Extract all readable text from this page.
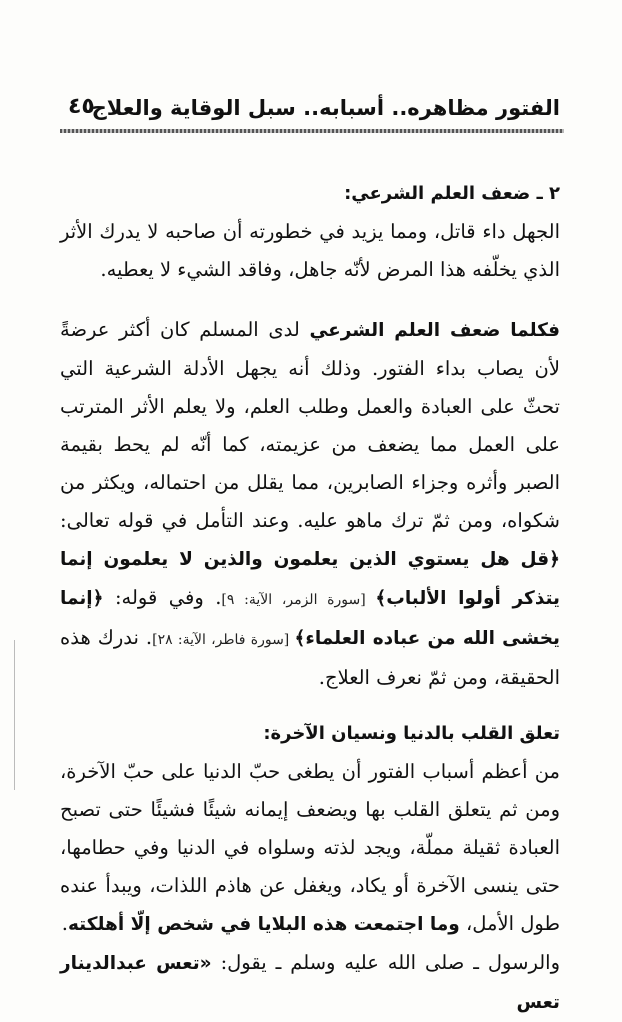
الفتور مظاهره.. أسبابه.. سبل الوقاية والعلاج
٤٥
٢ ـ ضعف العلم الشرعي:

الجهل داء قاتل، ومما يزيد في خطورته أن صاحبه لا يدرك الأثر الذي يخلّفه هذا المرض لأنّه جاهل، وفاقد الشيء لا يعطيه.

فكلما ضعف العلم الشرعي لدى المسلم كان أكثر عرضةً لأن يصاب بداء الفتور. وذلك أنه يجهل الأدلة الشرعية التي تحثّ على العبادة والعمل وطلب العلم، ولا يعلم الأثر المترتب على العمل مما يضعف من عزيمته، كما أنّه لم يحط بقيمة الصبر وأثره وجزاء الصابرين، مما يقلل من احتماله، ويكثر من شكواه، ومن ثمّ ترك ماهو عليه. وعند التأمل في قوله تعالى: ﴿قل هل يستوي الذين يعلمون والذين لا يعلمون إنما يتذكر أولوا الألباب﴾ [سورة الزمر، الآية: ٩]. وفي قوله: ﴿إنما يخشى الله من عباده العلماء﴾ [سورة فاطر، الآية: ٢٨]. ندرك هذه الحقيقة، ومن ثمّ نعرف العلاج.

تعلق القلب بالدنيا ونسيان الآخرة:

من أعظم أسباب الفتور أن يطغى حبّ الدنيا على حبّ الآخرة، ومن ثم يتعلق القلب بها ويضعف إيمانه شيئًا فشيئًا حتى تصبح العبادة ثقيلة مملّة، ويجد لذته وسلواه في الدنيا وفي حطامها، حتى ينسى الآخرة أو يكاد، ويغفل عن هاذم اللذات، ويبدأ عنده طول الأمل، وما اجتمعت هذه البلايا في شخص إلّا أهلكته.

والرسول ـ صلى الله عليه وسلم ـ يقول: «تعس عبدالدينار تعس
